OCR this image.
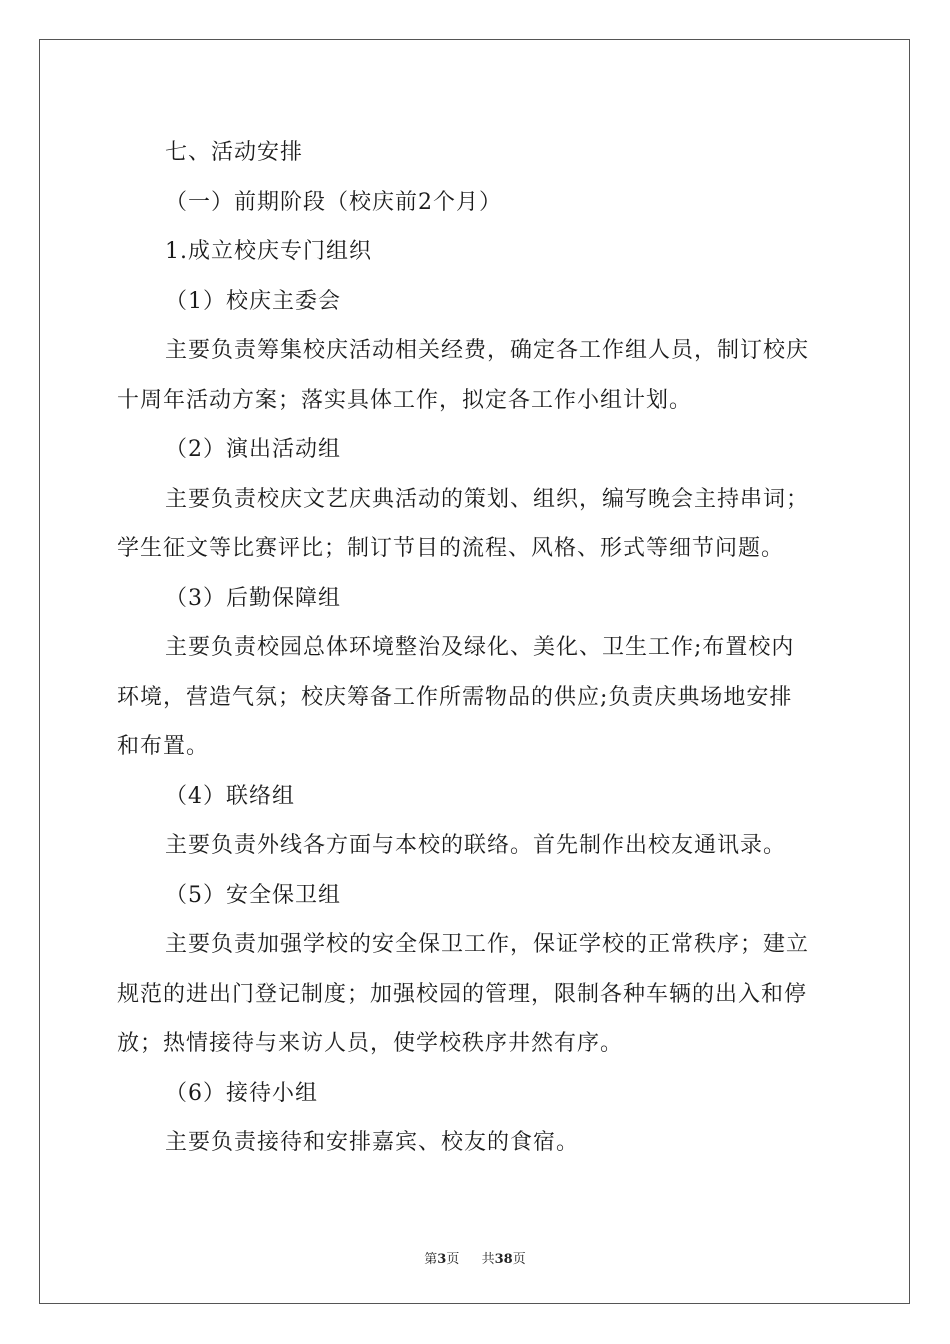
七、活动安排
（一）前期阶段（校庆前2个月）
1.成立校庆专门组织
（1）校庆主委会
主要负责筹集校庆活动相关经费，确定各工作组人员，制订校庆
十周年活动方案；落实具体工作，拟定各工作小组计划。
（2）演出活动组
主要负责校庆文艺庆典活动的策划、组织，编写晚会主持串词；
学生征文等比赛评比；制订节目的流程、风格、形式等细节问题。
（3）后勤保障组
主要负责校园总体环境整治及绿化、美化、卫生工作;布置校内
环境，营造气氛；校庆筹备工作所需物品的供应;负责庆典场地安排
和布置。
（4）联络组
主要负责外线各方面与本校的联络。首先制作出校友通讯录。
（5）安全保卫组
主要负责加强学校的安全保卫工作，保证学校的正常秩序；建立
规范的进出门登记制度；加强校园的管理，限制各种车辆的出入和停
放；热情接待与来访人员，使学校秩序井然有序。
（6）接待小组
主要负责接待和安排嘉宾、校友的食宿。
第3页 共38页
